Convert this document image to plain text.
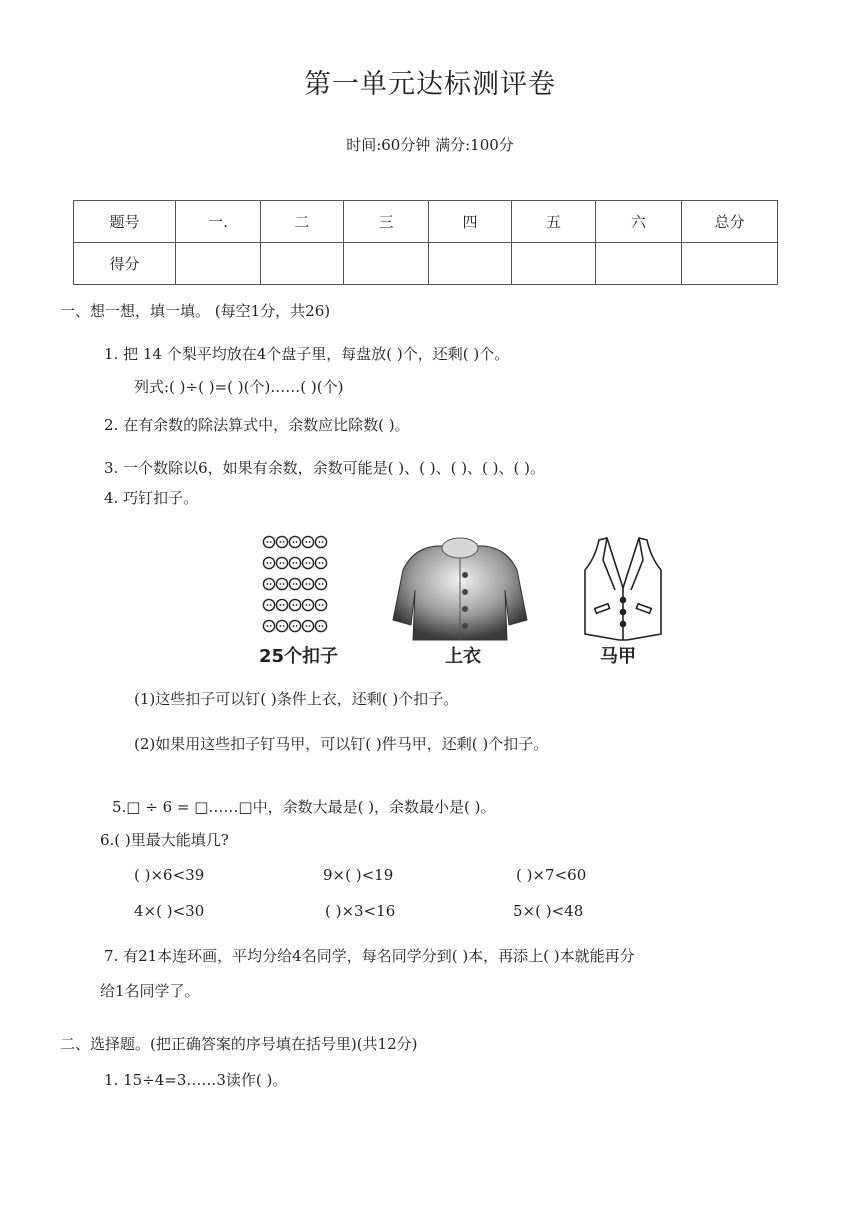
第一单元达标测评卷
时间:60分钟 满分:100分
题号	一.	二	三	四	五	六	总分
得分							
一、想一想，填一填。 (每空1分，共26)
1. 把 14 个梨平均放在4个盘子里，每盘放( )个，还剩( )个。
列式:( )÷( )=( )(个)……( )(个)
2. 在有余数的除法算式中，余数应比除数( )。
3. 一个数除以6，如果有余数，余数可能是( )、( )、( )、( )、( )。
4. 巧钉扣子。
25个扣子	上衣	马甲
(1)这些扣子可以钉( )条件上衣，还剩( )个扣子。
(2)如果用这些扣子钉马甲，可以钉( )件马甲，还剩( )个扣子。
5.□ ÷ 6 = □……□中，余数大最是( )，余数最小是( )。
6.( )里最大能填几?
( )×6<39	9×( )<19	( )×7<60
4×( )<30	( )×3<16	5×( )<48
7. 有21本连环画，平均分给4名同学，每名同学分到( )本，再添上( )本就能再分
给1名同学了。
二、选择题。(把正确答案的序号填在括号里)(共12分)
1. 15÷4=3……3读作( )。
